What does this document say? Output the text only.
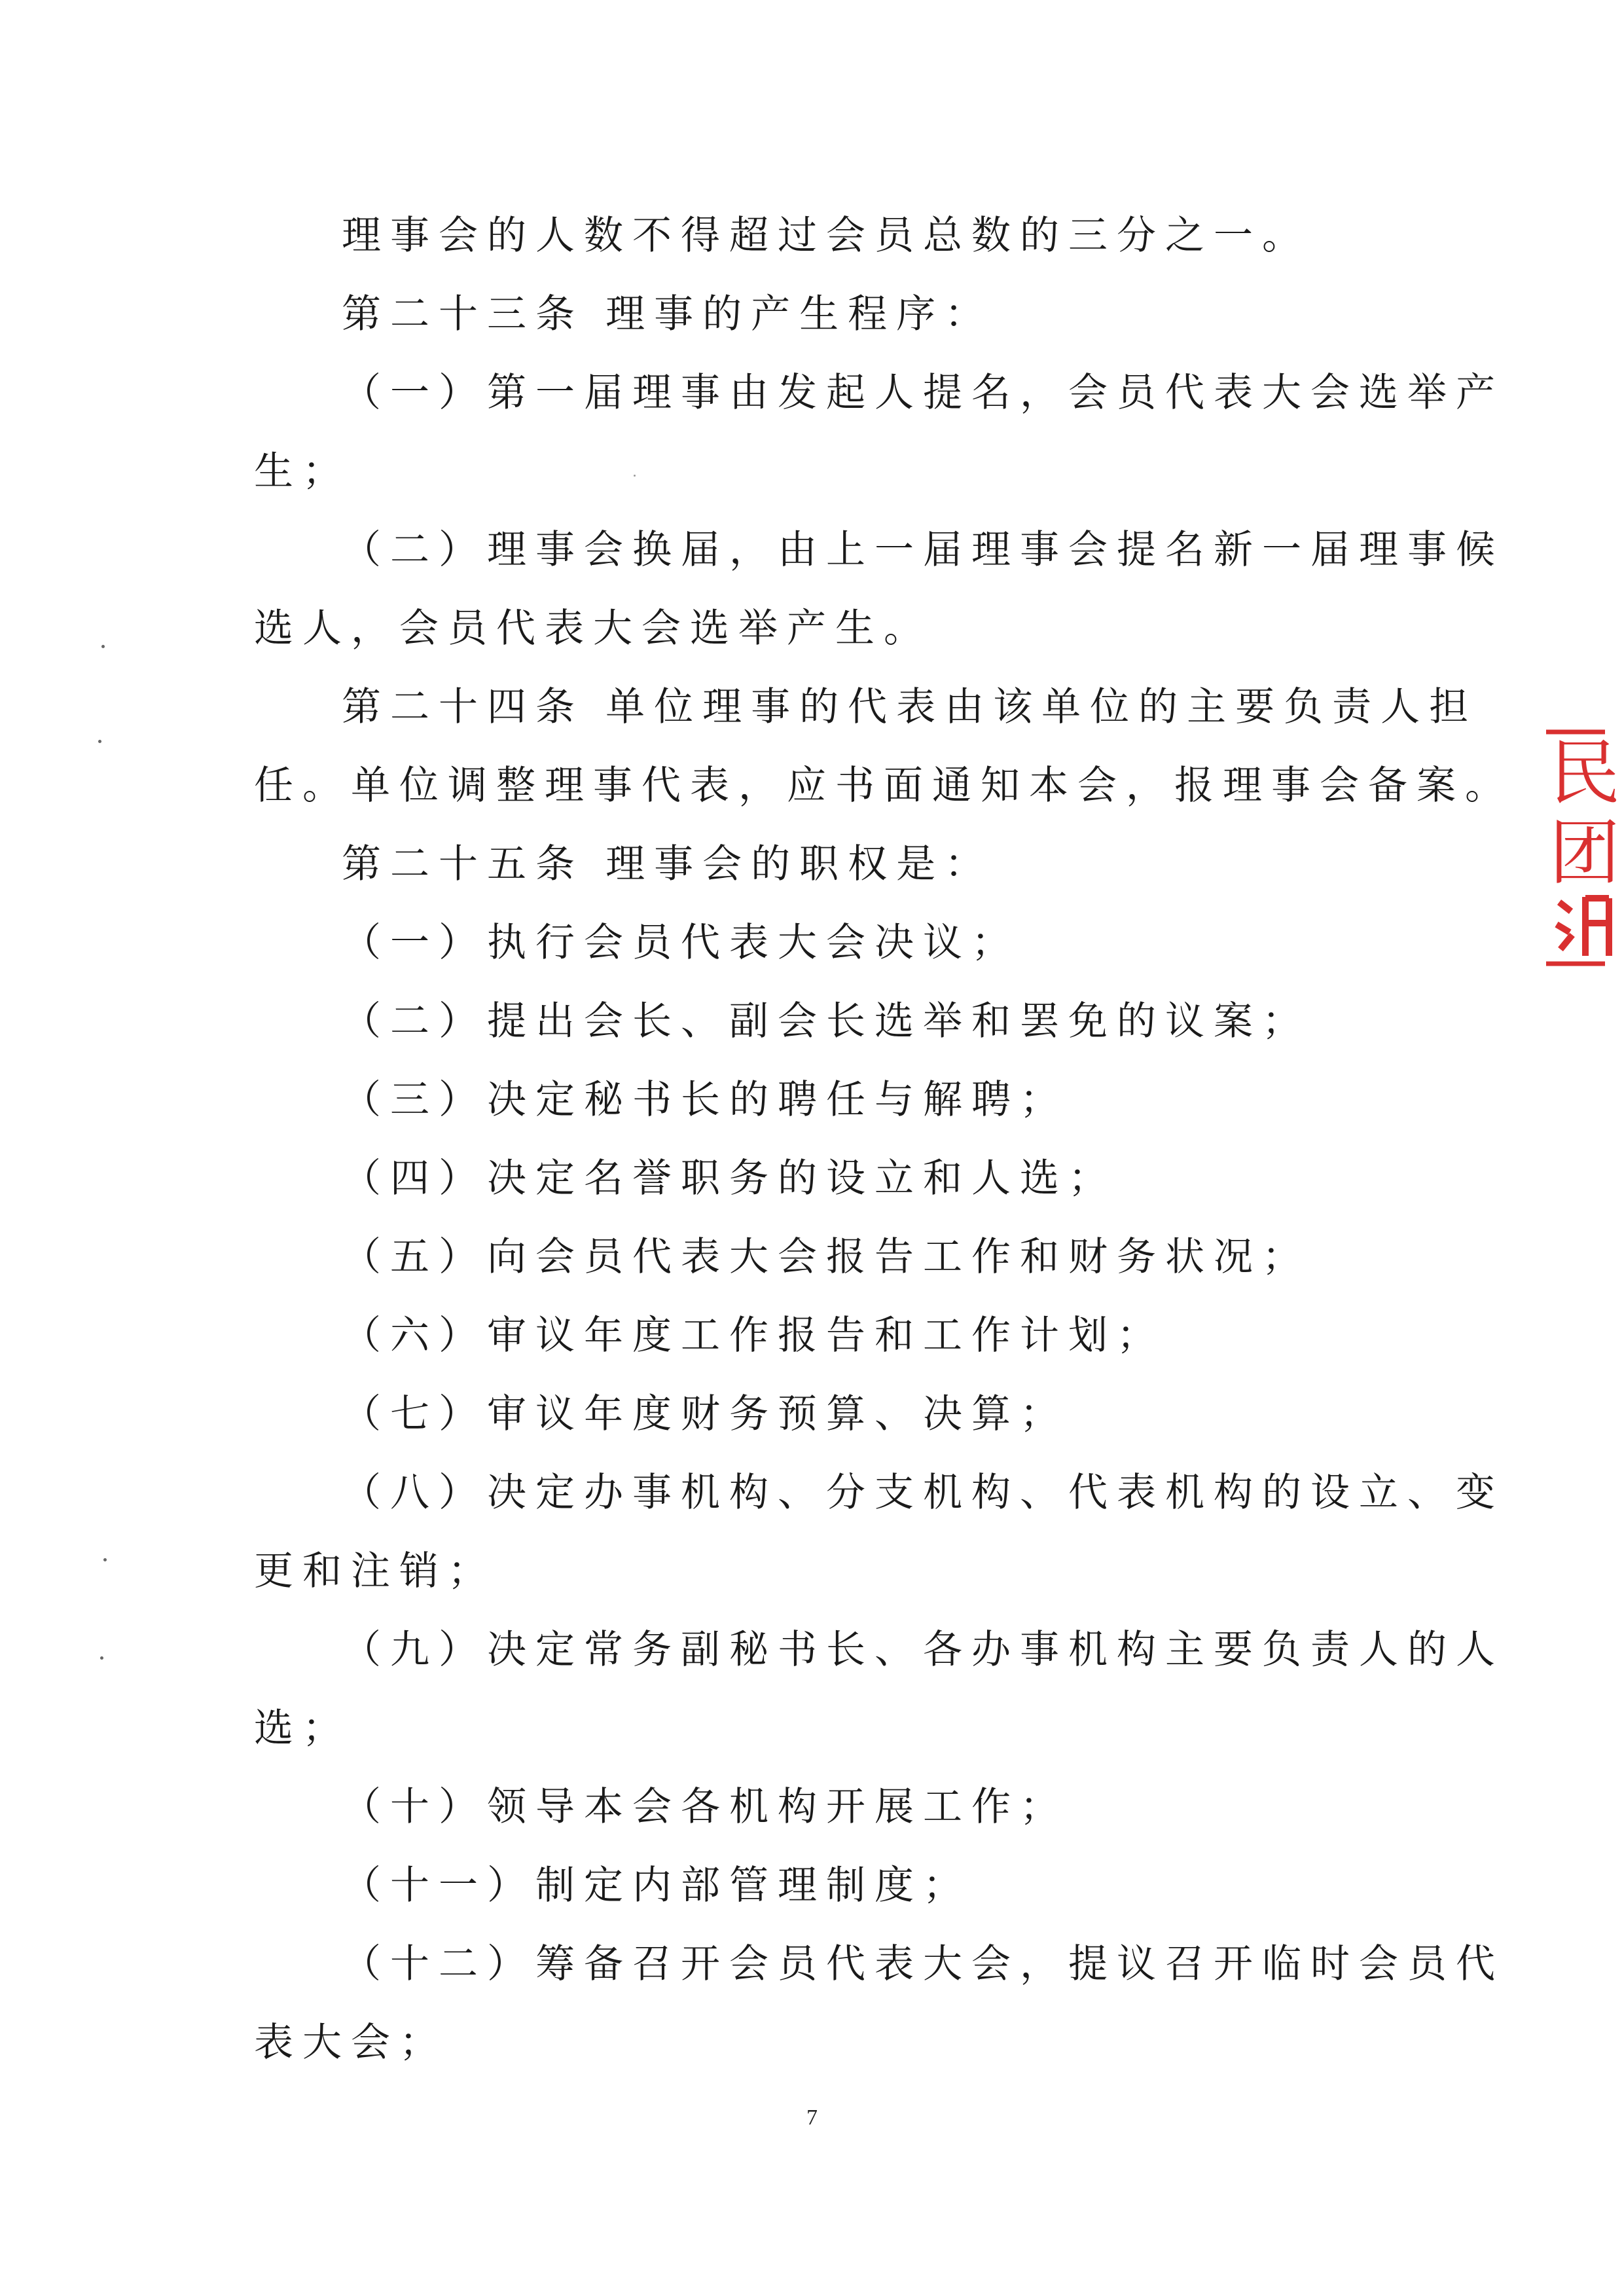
理事会的人数不得超过会员总数的三分之一。
第二十三条 理事的产生程序：
（一）第一届理事由发起人提名，会员代表大会选举产
生；
（二）理事会换届，由上一届理事会提名新一届理事候
选人，会员代表大会选举产生。
第二十四条 单位理事的代表由该单位的主要负责人担
任。单位调整理事代表，应书面通知本会，报理事会备案。
第二十五条 理事会的职权是：
（一）执行会员代表大会决议；
（二）提出会长、副会长选举和罢免的议案；
（三）决定秘书长的聘任与解聘；
（四）决定名誉职务的设立和人选；
（五）向会员代表大会报告工作和财务状况；
（六）审议年度工作报告和工作计划；
（七）审议年度财务预算、决算；
（八）决定办事机构、分支机构、代表机构的设立、变
更和注销；
（九）决定常务副秘书长、各办事机构主要负责人的人
选；
（十）领导本会各机构开展工作；
（十一）制定内部管理制度；
（十二）筹备召开会员代表大会，提议召开临时会员代
表大会；
7
民
团
